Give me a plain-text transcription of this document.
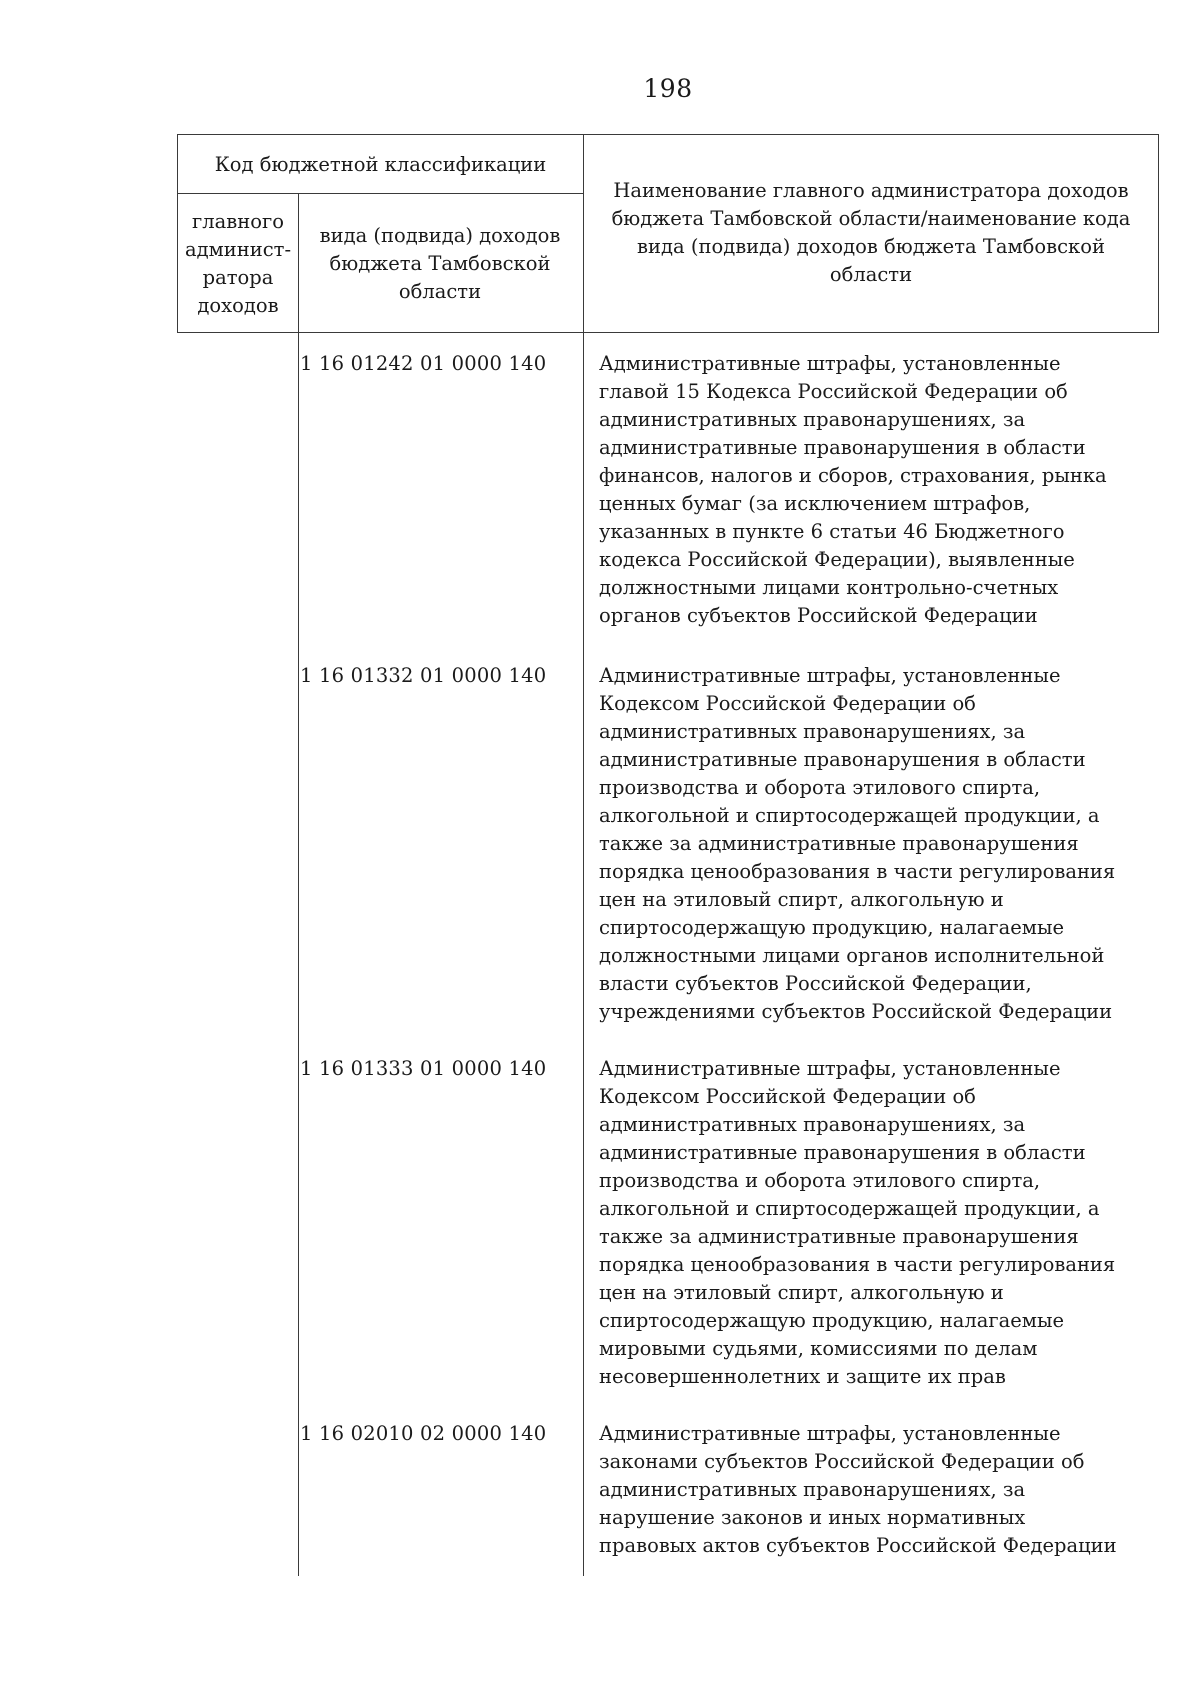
198
Код бюджетной классификации
главного админист-ратора доходов
вида (подвида) доходов бюджета Тамбовской области
Наименование главного администратора доходов бюджета Тамбовской области/наименование кода вида (подвида) доходов бюджета Тамбовской области
1 16 01242 01 0000 140	Административные штрафы, установленные
главой 15 Кодекса Российской Федерации об
административных правонарушениях, за
административные правонарушения в области
финансов, налогов и сборов, страхования, рынка
ценных бумаг (за исключением штрафов,
указанных в пункте 6 статьи 46 Бюджетного
кодекса Российской Федерации), выявленные
должностными лицами контрольно-счетных
органов субъектов Российской Федерации
1 16 01332 01 0000 140	Административные штрафы, установленные
Кодексом Российской Федерации об
административных правонарушениях, за
административные правонарушения в области
производства и оборота этилового спирта,
алкогольной и спиртосодержащей продукции, а
также за административные правонарушения
порядка ценообразования в части регулирования
цен на этиловый спирт, алкогольную и
спиртосодержащую продукцию, налагаемые
должностными лицами органов исполнительной
власти субъектов Российской Федерации,
учреждениями субъектов Российской Федерации
1 16 01333 01 0000 140	Административные штрафы, установленные
Кодексом Российской Федерации об
административных правонарушениях, за
административные правонарушения в области
производства и оборота этилового спирта,
алкогольной и спиртосодержащей продукции, а
также за административные правонарушения
порядка ценообразования в части регулирования
цен на этиловый спирт, алкогольную и
спиртосодержащую продукцию, налагаемые
мировыми судьями, комиссиями по делам
несовершеннолетних и защите их прав
1 16 02010 02 0000 140	Административные штрафы, установленные
законами субъектов Российской Федерации об
административных правонарушениях, за
нарушение законов и иных нормативных
правовых актов субъектов Российской Федерации
